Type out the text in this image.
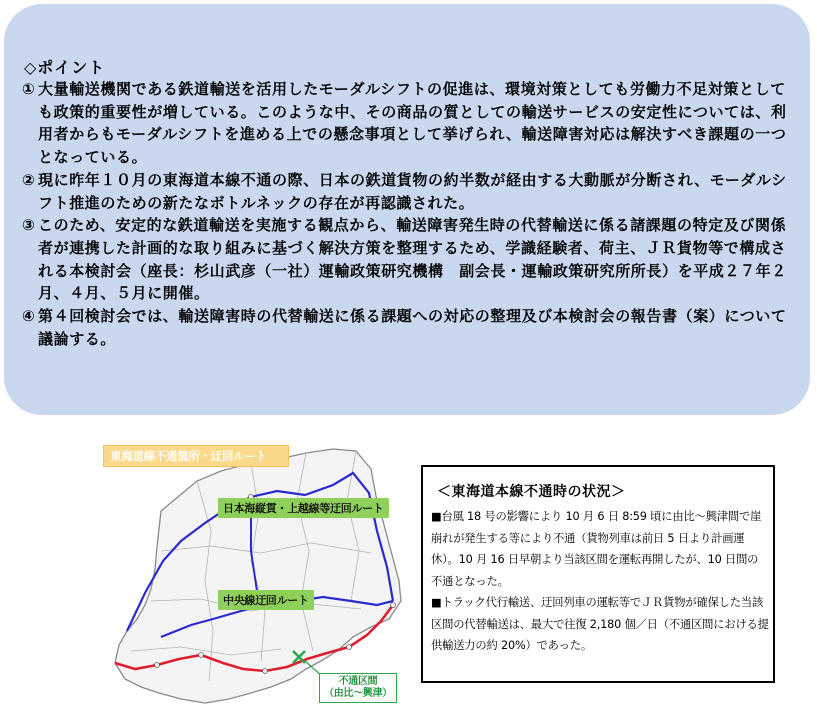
◇ポイント
① 大量輸送機関である鉄道輸送を活用したモーダルシフトの促進は、環境対策としても労働力不足対策としても政策的重要性が増している。このような中、その商品の質としての輸送サービスの安定性については、利用者からもモーダルシフトを進める上での懸念事項として挙げられ、輸送障害対応は解決すべき課題の一つとなっている。
② 現に昨年１０月の東海道本線不通の際、日本の鉄道貨物の約半数が経由する大動脈が分断され、モーダルシフト推進のための新たなボトルネックの存在が再認識された。
③ このため、安定的な鉄道輸送を実施する観点から、輸送障害発生時の代替輸送に係る諸課題の特定及び関係者が連携した計画的な取り組みに基づく解決方策を整理するため、学識経験者、荷主、ＪＲ貨物等で構成される本検討会（座長：杉山武彦（一社）運輸政策研究機構　副会長・運輸政策研究所所長）を平成２７年２月、４月、５月に開催。
④ 第４回検討会では、輸送障害時の代替輸送に係る課題への対応の整理及び本検討会の報告書（案）について議論する。
東海道線不通箇所・迂回ルート
日本海縦貫・上越線等迂回ルート
中央線迂回ルート
不通区間
（由比～興津）
＜東海道本線不通時の状況＞

■台風 18 号の影響により 10 月 6 日 8:59 頃に由比～興津間で崖崩れが発生する等により不通（貨物列車は前日 5 日より計画運休）。10 月 16 日早朝より当該区間を運転再開したが、10 日間の不通となった。

■トラック代行輸送、迂回列車の運転等でＪＲ貨物が確保した当該区間の代替輸送は、最大で往復 2,180 個／日（不通区間における提供輸送力の約 20%）であった。
